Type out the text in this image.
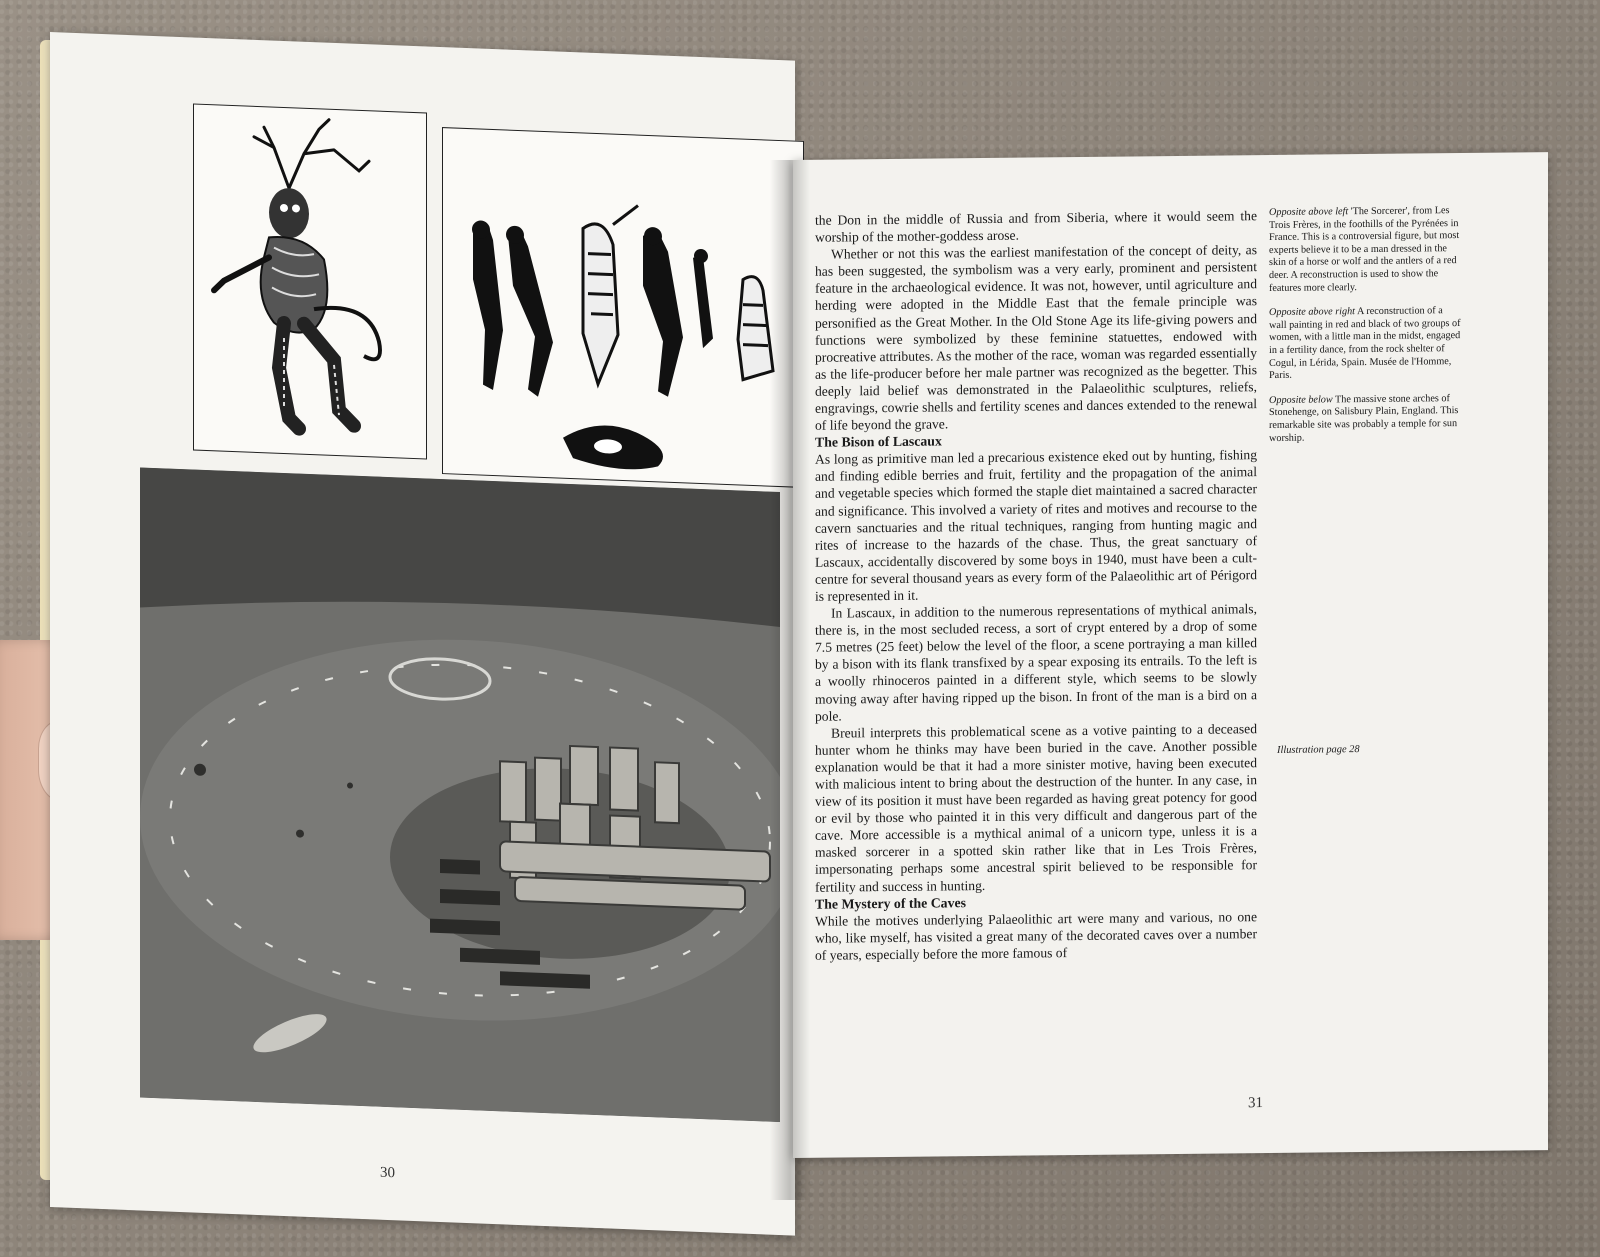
30

the Don in the middle of Russia and from Siberia, where it would seem the worship of the mother-goddess arose.

Whether or not this was the earliest manifestation of the concept of deity, as has been suggested, the symbolism was a very early, prominent and persistent feature in the archaeological evidence. It was not, however, until agriculture and herding were adopted in the Middle East that the female principle was personified as the Great Mother. In the Old Stone Age its life-giving powers and functions were symbolized by these feminine statuettes, endowed with procreative attributes. As the mother of the race, woman was regarded essentially as the life-producer before her male partner was recognized as the begetter. This deeply laid belief was demonstrated in the Palaeolithic sculptures, reliefs, engravings, cowrie shells and fertility scenes and dances extended to the renewal of life beyond the grave.

The Bison of Lascaux

As long as primitive man led a precarious existence eked out by hunting, fishing and finding edible berries and fruit, fertility and the propagation of the animal and vegetable species which formed the staple diet maintained a sacred character and significance. This involved a variety of rites and motives and recourse to the cavern sanctuaries and the ritual techniques, ranging from hunting magic and rites of increase to the hazards of the chase. Thus, the great sanctuary of Lascaux, accidentally discovered by some boys in 1940, must have been a cult-centre for several thousand years as every form of the Palaeolithic art of Périgord is represented in it.

In Lascaux, in addition to the numerous representations of mythical animals, there is, in the most secluded recess, a sort of crypt entered by a drop of some 7.5 metres (25 feet) below the level of the floor, a scene portraying a man killed by a bison with its flank transfixed by a spear exposing its entrails. To the left is a woolly rhinoceros painted in a different style, which seems to be slowly moving away after having ripped up the bison. In front of the man is a bird on a pole.

Breuil interprets this problematical scene as a votive painting to a deceased hunter whom he thinks may have been buried in the cave. Another possible explanation would be that it had a more sinister motive, having been executed with malicious intent to bring about the destruction of the hunter. In any case, in view of its position it must have been regarded as having great potency for good or evil by those who painted it in this very difficult and dangerous part of the cave. More accessible is a mythical animal of a unicorn type, unless it is a masked sorcerer in a spotted skin rather like that in Les Trois Frères, impersonating perhaps some ancestral spirit believed to be responsible for fertility and success in hunting.

The Mystery of the Caves

While the motives underlying Palaeolithic art were many and various, no one who, like myself, has visited a great many of the decorated caves over a number of years, especially before the more famous of

Opposite above left 'The Sorcerer', from Les Trois Frères, in the foothills of the Pyrénées in France. This is a controversial figure, but most experts believe it to be a man dressed in the skin of a horse or wolf and the antlers of a red deer. A reconstruction is used to show the features more clearly.

Opposite above right A reconstruction of a wall painting in red and black of two groups of women, with a little man in the midst, engaged in a fertility dance, from the rock shelter of Cogul, in Lérida, Spain. Musée de l'Homme, Paris.

Opposite below The massive stone arches of Stonehenge, on Salisbury Plain, England. This remarkable site was probably a temple for sun worship.

Illustration page 28
31
